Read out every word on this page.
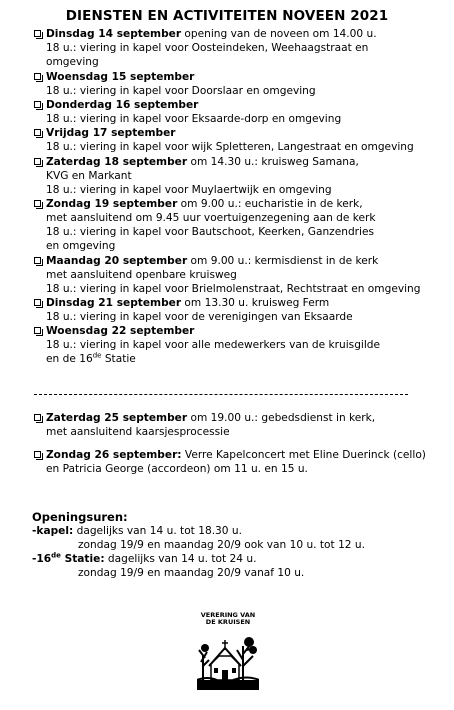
DIENSTEN EN ACTIVITEITEN NOVEEN 2021
Dinsdag 14 september opening van de noveen om 14.00 u.
18 u.: viering in kapel voor Oosteindeken, Weehaagstraat en
omgeving
Woensdag 15 september
18 u.: viering in kapel voor Doorslaar en omgeving
Donderdag 16 september
18 u.: viering in kapel voor Eksaarde-dorp en omgeving
Vrijdag 17 september
18 u.: viering in kapel voor wijk Spletteren, Langestraat en omgeving
Zaterdag 18 september om 14.30 u.: kruisweg Samana,
KVG en Markant
18 u.: viering in kapel voor Muylaertwijk en omgeving
Zondag 19 september om 9.00 u.: eucharistie in de kerk,
met aansluitend om 9.45 uur voertuigenzegening aan de kerk
18 u.: viering in kapel voor Bautschoot, Keerken, Ganzendries
en omgeving
Maandag 20 september om 9.00 u.: kermisdienst in de kerk
met aansluitend openbare kruisweg
18 u.: viering in kapel voor Brielmolenstraat, Rechtstraat en omgeving
Dinsdag 21 september om 13.30 u. kruisweg Ferm
18 u.: viering in kapel voor de verenigingen van Eksaarde
Woensdag 22 september
18 u.: viering in kapel voor alle medewerkers van de kruisgilde
en de 16de Statie
Zaterdag 25 september om 19.00 u.: gebedsdienst in kerk,
met aansluitend kaarsjesprocessie
Zondag 26 september: Verre Kapelconcert met Eline Duerinck (cello)
en Patricia George (accordeon) om 11 u. en 15 u.
Openingsuren:
-kapel: dagelijks van 14 u. tot 18.30 u.
zondag 19/9 en maandag 20/9 ook van 10 u. tot 12 u.
-16de Statie: dagelijks van 14 u. tot 24 u.
zondag 19/9 en maandag 20/9 vanaf 10 u.
VERERING VAN
DE KRUISEN
